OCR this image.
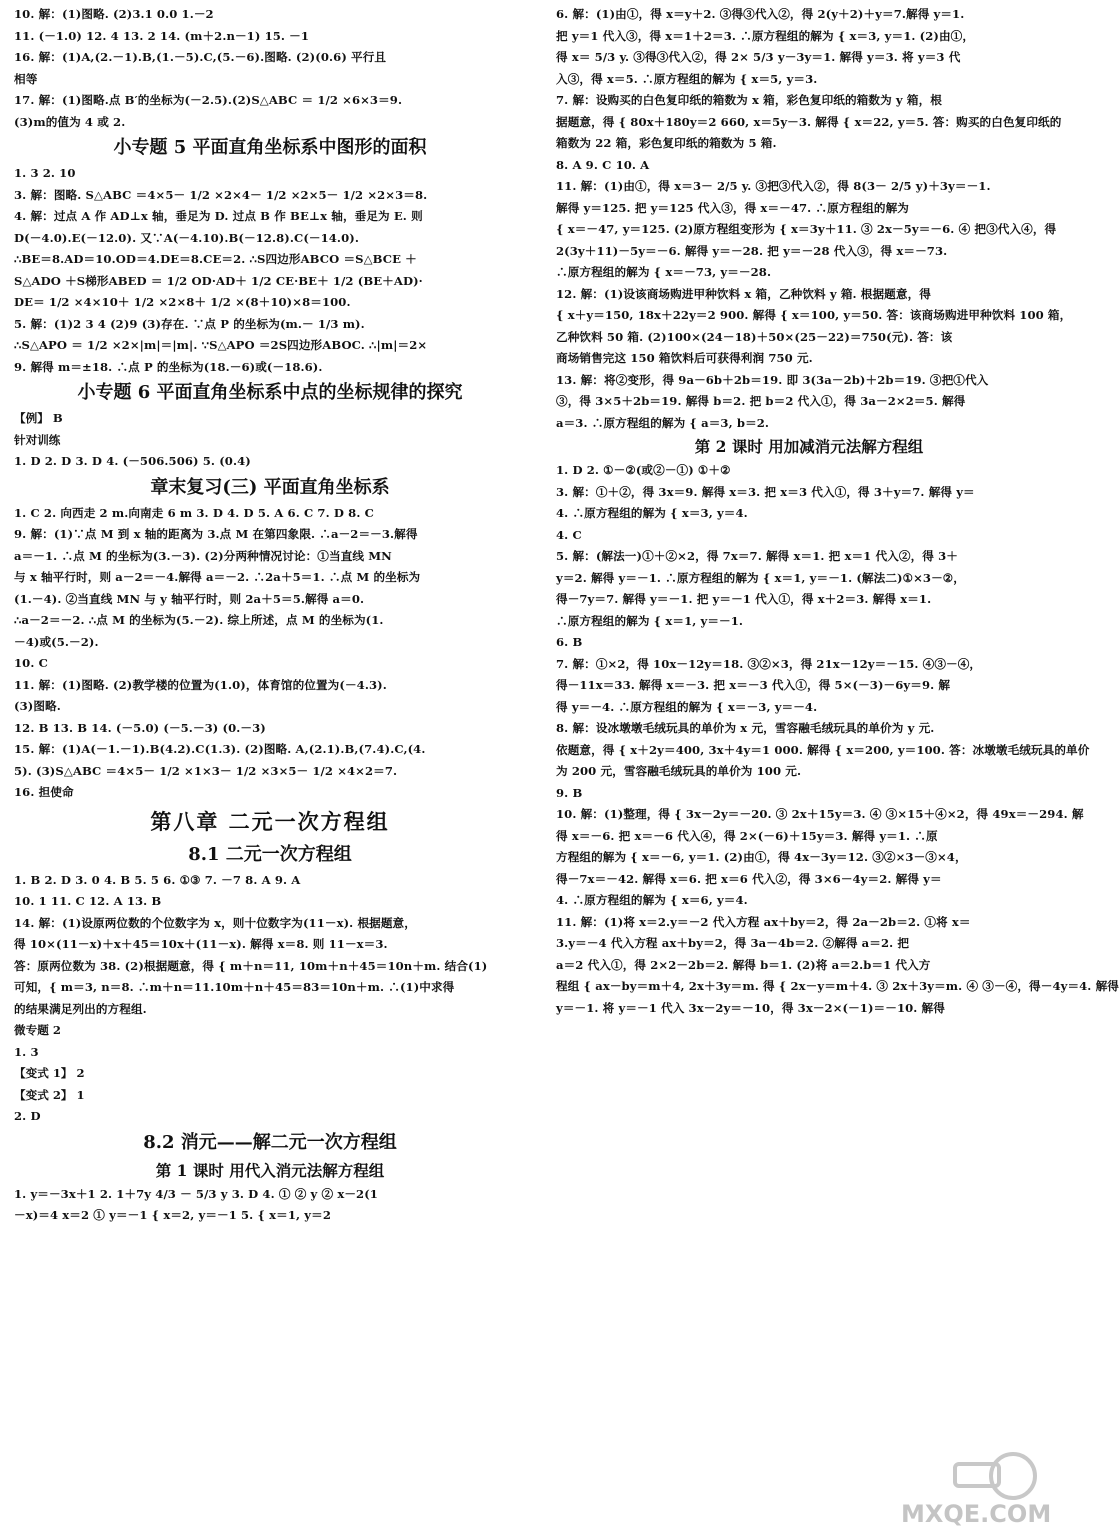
10. 解：(1)图略. (2)3.1 0.0 1.－2
11. (－1.0) 12. 4 13. 2 14. (m＋2.n－1) 15. －1
16. 解：(1)A,(2.－1).B,(1.－5).C,(5.－6).图略. (2)(0.6) 平行且
相等
17. 解：(1)图略.点 B′的坐标为(－2.5).(2)S△ABC ＝ 1/2 ×6×3＝9.
(3)m的值为 4 或 2.
小专题 5 平面直角坐标系中图形的面积
1. 3 2. 10
3. 解：图略. S△ABC ＝4×5－ 1/2 ×2×4－ 1/2 ×2×5－ 1/2 ×2×3＝8.
4. 解：过点 A 作 AD⊥x 轴，垂足为 D. 过点 B 作 BE⊥x 轴，垂足为 E. 则
D(－4.0).E(－12.0). 又∵A(－4.10).B(－12.8).C(－14.0).
∴BE＝8.AD＝10.OD＝4.DE＝8.CE＝2. ∴S四边形ABCO ＝S△BCE ＋
S△ADO ＋S梯形ABED ＝ 1/2 OD·AD＋ 1/2 CE·BE＋ 1/2 (BE＋AD)·
DE＝ 1/2 ×4×10＋ 1/2 ×2×8＋ 1/2 ×(8＋10)×8＝100.
5. 解：(1)2 3 4 (2)9 (3)存在. ∵点 P 的坐标为(m.－ 1/3 m).
∴S△APO ＝ 1/2 ×2×|m|＝|m|. ∵S△APO ＝2S四边形ABOC. ∴|m|＝2×
9. 解得 m＝±18. ∴点 P 的坐标为(18.－6)或(－18.6).
小专题 6 平面直角坐标系中点的坐标规律的探究
【例】 B
针对训练
1. D 2. D 3. D 4. (－506.506) 5. (0.4)
章末复习(三) 平面直角坐标系
1. C 2. 向西走 2 m.向南走 6 m 3. D 4. D 5. A 6. C 7. D 8. C
9. 解：(1)∵点 M 到 x 轴的距离为 3.点 M 在第四象限. ∴a－2＝－3.解得
a＝－1. ∴点 M 的坐标为(3.－3). (2)分两种情况讨论：①当直线 MN
与 x 轴平行时，则 a－2＝－4.解得 a＝－2. ∴2a＋5＝1. ∴点 M 的坐标为
(1.－4). ②当直线 MN 与 y 轴平行时，则 2a＋5＝5.解得 a＝0.
∴a－2＝－2. ∴点 M 的坐标为(5.－2). 综上所述，点 M 的坐标为(1.
－4)或(5.－2).
10. C
11. 解：(1)图略. (2)教学楼的位置为(1.0)，体育馆的位置为(－4.3).
(3)图略.
12. B 13. B 14. (－5.0) (－5.－3) (0.－3)
15. 解：(1)A(－1.－1).B(4.2).C(1.3). (2)图略. A,(2.1).B,(7.4).C,(4.
5). (3)S△ABC ＝4×5－ 1/2 ×1×3－ 1/2 ×3×5－ 1/2 ×4×2＝7.
16. 担使命
第八章 二元一次方程组
8.1 二元一次方程组
1. B 2. D 3. 0 4. B 5. 5 6. ①③ 7. －7 8. A 9. A
10. 1 11. C 12. A 13. B
14. 解：(1)设原两位数的个位数字为 x，则十位数字为(11－x). 根据题意，
得 10×(11－x)＋x＋45＝10x＋(11－x). 解得 x＝8. 则 11－x＝3.
答：原两位数为 38. (2)根据题意，得 { m＋n＝11, 10m＋n＋45＝10n＋m. 结合(1)
可知，{ m＝3, n＝8. ∴m＋n＝11.10m＋n＋45＝83＝10n＋m. ∴(1)中求得
的结果满足列出的方程组.
微专题 2
1. 3
【变式 1】 2
【变式 2】 1
2. D
8.2 消元——解二元一次方程组
第 1 课时 用代入消元法解方程组
1. y＝－3x＋1 2. 1＋7y 4/3 － 5/3 y 3. D 4. ① ② y ② x－2(1
－x)＝4 x＝2 ① y＝－1 { x＝2, y＝－1 5. { x＝1, y＝2
6. 解：(1)由①，得 x＝y＋2. ③得③代入②，得 2(y＋2)＋y＝7.解得 y＝1.
把 y＝1 代入③，得 x＝1＋2＝3. ∴原方程组的解为 { x＝3, y＝1. (2)由①，
得 x＝ 5/3 y. ③得③代入②，得 2× 5/3 y－3y＝1. 解得 y＝3. 将 y＝3 代
入③，得 x＝5. ∴原方程组的解为 { x＝5, y＝3.
7. 解：设购买的白色复印纸的箱数为 x 箱，彩色复印纸的箱数为 y 箱，根
据题意，得 { 80x＋180y＝2 660, x＝5y－3. 解得 { x＝22, y＝5. 答：购买的白色复印纸的
箱数为 22 箱，彩色复印纸的箱数为 5 箱.
8. A 9. C 10. A
11. 解：(1)由①，得 x＝3－ 2/5 y. ③把③代入②，得 8(3－ 2/5 y)＋3y＝－1.
解得 y＝125. 把 y＝125 代入③，得 x＝－47. ∴原方程组的解为
{ x＝－47, y＝125. (2)原方程组变形为 { x＝3y＋11. ③ 2x－5y＝－6. ④ 把③代入④，得
2(3y＋11)－5y＝－6. 解得 y＝－28. 把 y＝－28 代入③，得 x＝－73.
∴原方程组的解为 { x＝－73, y＝－28.
12. 解：(1)设该商场购进甲种饮料 x 箱，乙种饮料 y 箱. 根据题意，得
{ x＋y＝150, 18x＋22y＝2 900. 解得 { x＝100, y＝50. 答：该商场购进甲种饮料 100 箱，
乙种饮料 50 箱. (2)100×(24－18)＋50×(25－22)＝750(元). 答：该
商场销售完这 150 箱饮料后可获得利润 750 元.
13. 解：将②变形，得 9a－6b＋2b＝19. 即 3(3a－2b)＋2b＝19. ③把①代入
③，得 3×5＋2b＝19. 解得 b＝2. 把 b＝2 代入①，得 3a－2×2＝5. 解得
a＝3. ∴原方程组的解为 { a＝3, b＝2.
第 2 课时 用加减消元法解方程组
1. D 2. ①－②(或②－①) ①＋②
3. 解：①＋②，得 3x＝9. 解得 x＝3. 把 x＝3 代入①，得 3＋y＝7. 解得 y＝
4. ∴原方程组的解为 { x＝3, y＝4.
4. C
5. 解：(解法一)①＋②×2，得 7x＝7. 解得 x＝1. 把 x＝1 代入②，得 3＋
y＝2. 解得 y＝－1. ∴原方程组的解为 { x＝1, y＝－1. (解法二)①×3－②，
得－7y＝7. 解得 y＝－1. 把 y＝－1 代入①，得 x＋2＝3. 解得 x＝1.
∴原方程组的解为 { x＝1, y＝－1.
6. B
7. 解：①×2，得 10x－12y＝18. ③②×3，得 21x－12y＝－15. ④③－④，
得－11x＝33. 解得 x＝－3. 把 x＝－3 代入①，得 5×(－3)－6y＝9. 解
得 y＝－4. ∴原方程组的解为 { x＝－3, y＝－4.
8. 解：设冰墩墩毛绒玩具的单价为 x 元，雪容融毛绒玩具的单价为 y 元.
依题意，得 { x＋2y＝400, 3x＋4y＝1 000. 解得 { x＝200, y＝100. 答：冰墩墩毛绒玩具的单价
为 200 元，雪容融毛绒玩具的单价为 100 元.
9. B
10. 解：(1)整理，得 { 3x－2y＝－20. ③ 2x＋15y＝3. ④ ③×15＋④×2，得 49x＝－294. 解
得 x＝－6. 把 x＝－6 代入④，得 2×(－6)＋15y＝3. 解得 y＝1. ∴原
方程组的解为 { x＝－6, y＝1. (2)由①，得 4x－3y＝12. ③②×3－③×4，
得－7x＝－42. 解得 x＝6. 把 x＝6 代入②，得 3×6－4y＝2. 解得 y＝
4. ∴原方程组的解为 { x＝6, y＝4.
11. 解：(1)将 x＝2.y＝－2 代入方程 ax＋by＝2，得 2a－2b＝2. ①将 x＝
3.y＝－4 代入方程 ax＋by＝2，得 3a－4b＝2. ②解得 a＝2. 把
a＝2 代入①，得 2×2－2b＝2. 解得 b＝1. (2)将 a＝2.b＝1 代入方
程组 { ax－by＝m＋4, 2x＋3y＝m. 得 { 2x－y＝m＋4. ③ 2x＋3y＝m. ④ ③－④，得－4y＝4. 解得
y＝－1. 将 y＝－1 代入 3x－2y＝－10，得 3x－2×(－1)＝－10. 解得
MXQE.COM
